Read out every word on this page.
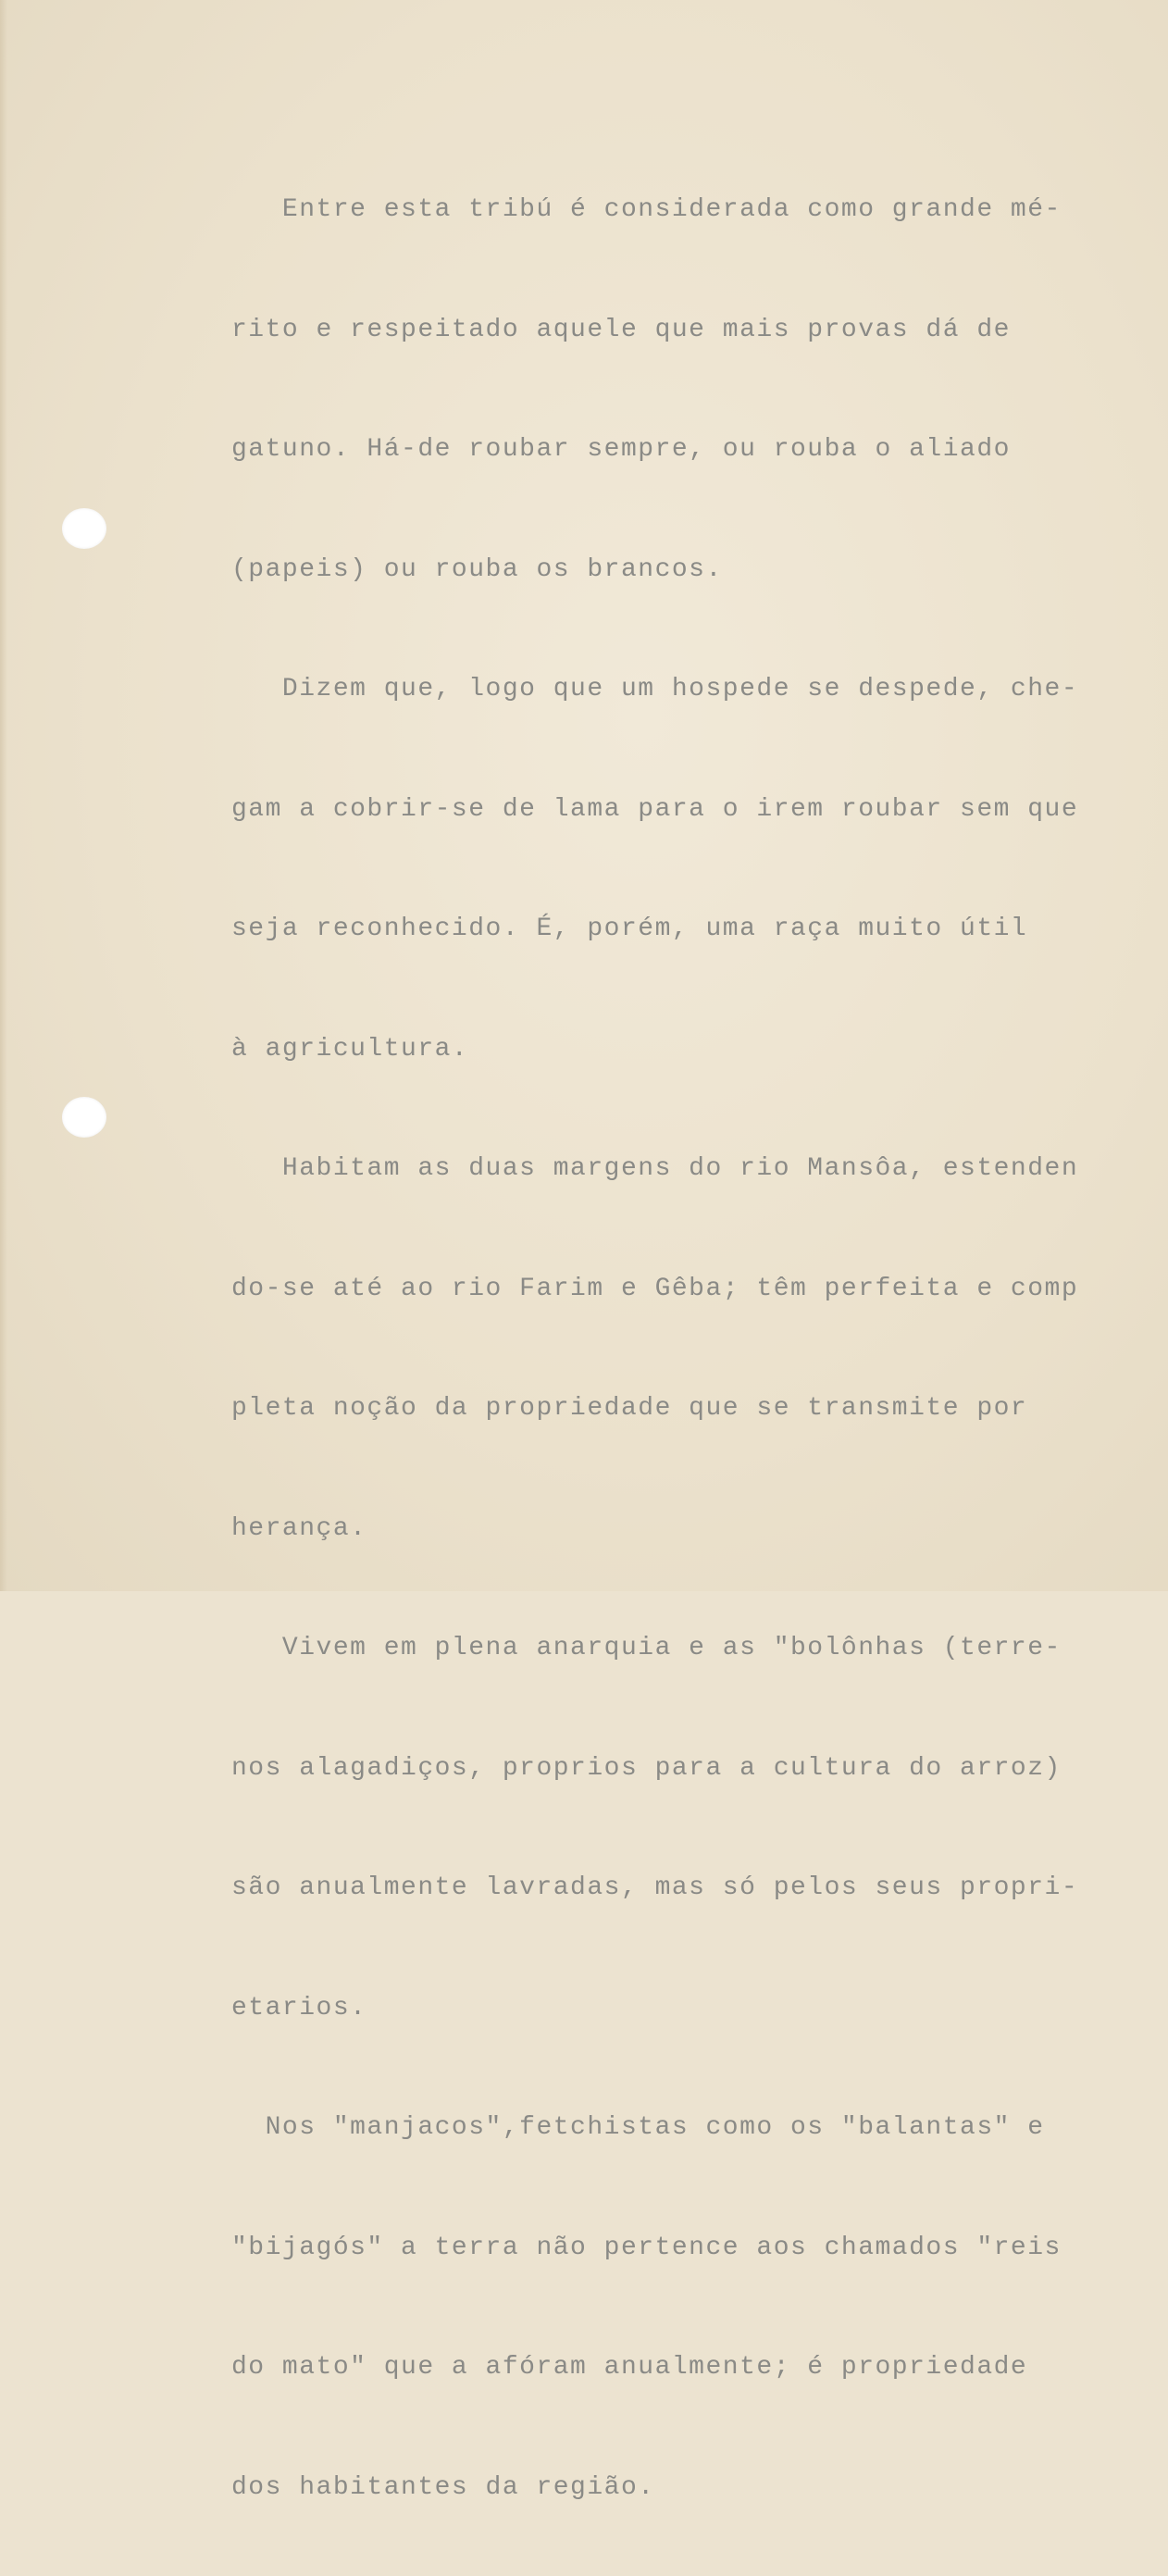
Entre esta tribú é considerada como grande mé-

rito e respeitado aquele que mais provas dá de

gatuno. Há-de roubar sempre, ou rouba o aliado

(papeis) ou rouba os brancos.

Dizem que, logo que um hospede se despede, che-

gam a cobrir-se de lama para o irem roubar sem que

seja reconhecido. É, porém, uma raça muito útil

à agricultura.

Habitam as duas margens do rio Mansôa, estenden

do-se até ao rio Farim e Gêba; têm perfeita e comp

pleta noção da propriedade que se transmite por

herança.

Vivem em plena anarquia e as "bolônhas (terre-

nos alagadiços, proprios para a cultura do arroz)

são anualmente lavradas, mas só pelos seus propri-

etarios.

Nos "manjacos",fetchistas como os "balantas" e

"bijagós" a terra não pertence aos chamados "reis

do mato" que a afóram anualmente; é propriedade

dos habitantes da região.
